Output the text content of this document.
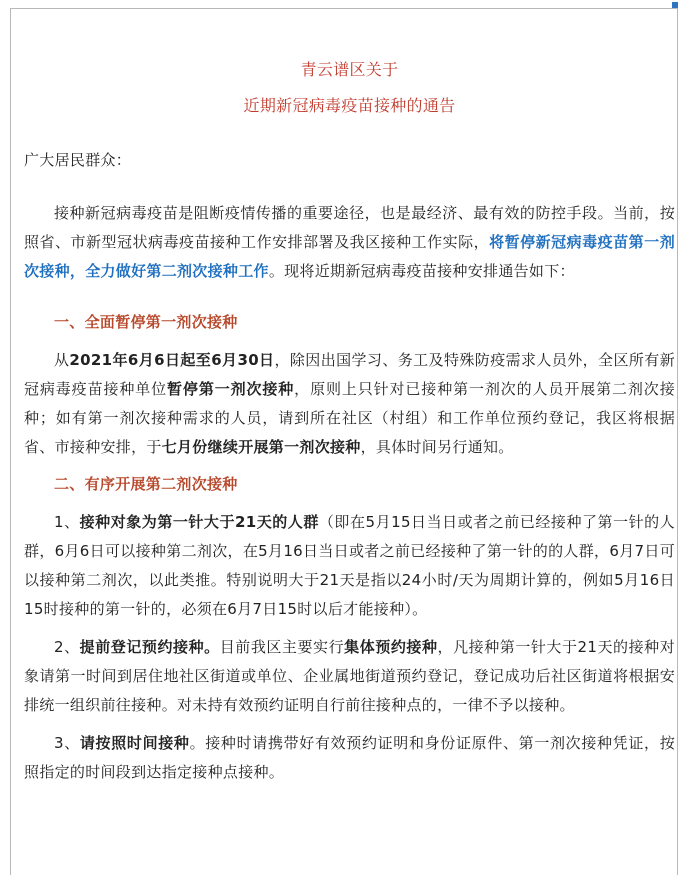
青云谱区关于
近期新冠病毒疫苗接种的通告
广大居民群众：

接种新冠病毒疫苗是阻断疫情传播的重要途径，也是最经济、最有效的防控手段。当前，按照省、市新型冠状病毒疫苗接种工作安排部署及我区接种工作实际，将暂停新冠病毒疫苗第一剂次接种，全力做好第二剂次接种工作。现将近期新冠病毒疫苗接种安排通告如下：

一、全面暂停第一剂次接种

从2021年6月6日起至6月30日，除因出国学习、务工及特殊防疫需求人员外，全区所有新冠病毒疫苗接种单位暂停第一剂次接种，原则上只针对已接种第一剂次的人员开展第二剂次接种；如有第一剂次接种需求的人员，请到所在社区（村组）和工作单位预约登记，我区将根据省、市接种安排，于七月份继续开展第一剂次接种，具体时间另行通知。

二、有序开展第二剂次接种

1、接种对象为第一针大于21天的人群（即在5月15日当日或者之前已经接种了第一针的人群，6月6日可以接种第二剂次，在5月16日当日或者之前已经接种了第一针的的人群，6月7日可以接种第二剂次，以此类推。特别说明大于21天是指以24小时/天为周期计算的，例如5月16日15时接种的第一针的，必须在6月7日15时以后才能接种）。

2、提前登记预约接种。目前我区主要实行集体预约接种，凡接种第一针大于21天的接种对象请第一时间到居住地社区街道或单位、企业属地街道预约登记，登记成功后社区街道将根据安排统一组织前往接种。对未持有效预约证明自行前往接种点的，一律不予以接种。

3、请按照时间接种。接种时请携带好有效预约证明和身份证原件、第一剂次接种凭证，按照指定的时间段到达指定接种点接种。
